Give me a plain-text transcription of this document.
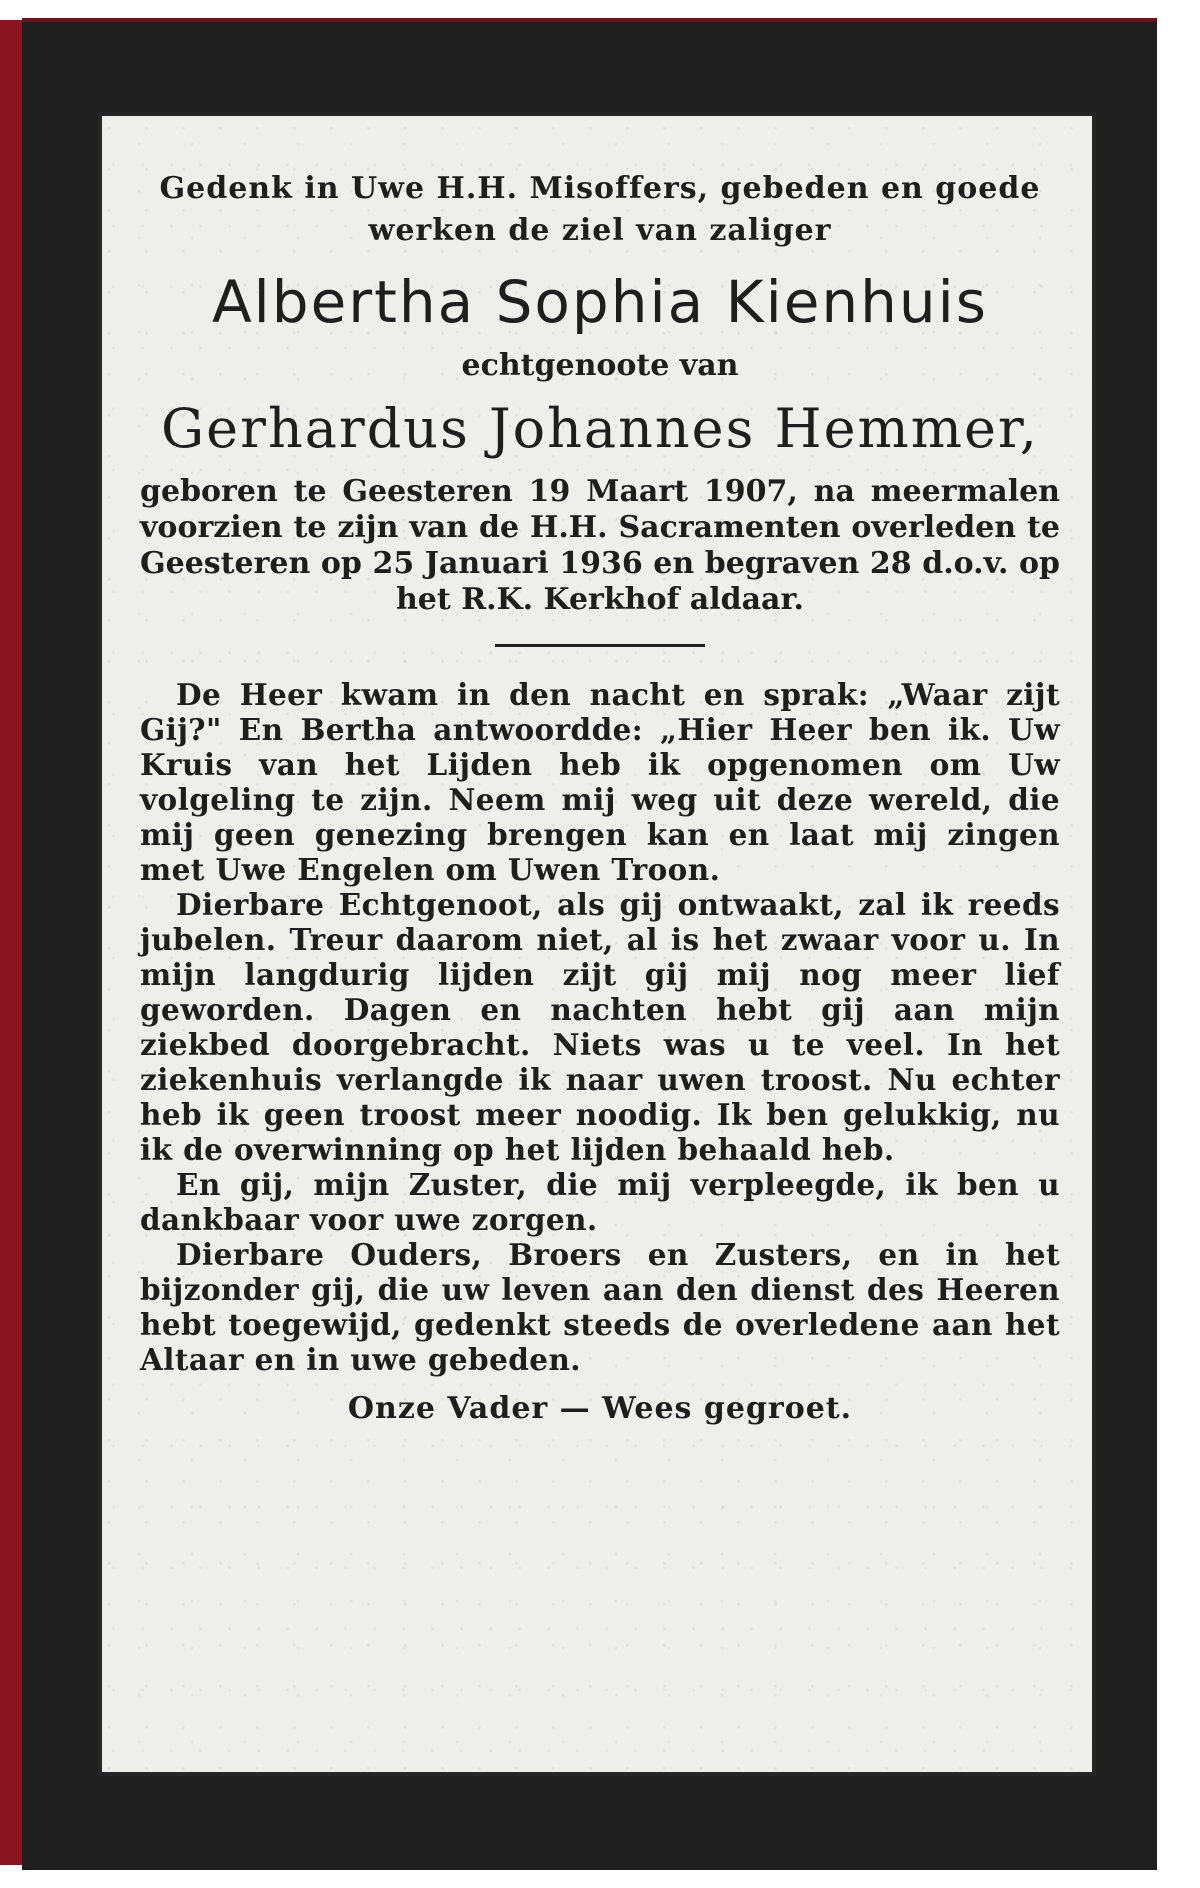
Gedenk in Uwe H.H. Misoffers, gebeden en goede werken de ziel van zaliger

Albertha Sophia Kienhuis

echtgenoote van

Gerhardus Johannes Hemmer,

geboren te Geesteren 19 Maart 1907, na meermalen voorzien te zijn van de H.H. Sacramenten overleden te Geesteren op 25 Januari 1936 en begraven 28 d.o.v. op het R.K. Kerkhof aldaar.

De Heer kwam in den nacht en sprak: „Waar zijt Gij?" En Bertha antwoordde: „Hier Heer ben ik. Uw Kruis van het Lijden heb ik opgenomen om Uw volgeling te zijn. Neem mij weg uit deze wereld, die mij geen genezing brengen kan en laat mij zingen met Uwe Engelen om Uwen Troon.

Dierbare Echtgenoot, als gij ontwaakt, zal ik reeds jubelen. Treur daarom niet, al is het zwaar voor u. In mijn langdurig lijden zijt gij mij nog meer lief geworden. Dagen en nachten hebt gij aan mijn ziekbed doorgebracht. Niets was u te veel. In het ziekenhuis verlangde ik naar uwen troost. Nu echter heb ik geen troost meer noodig. Ik ben gelukkig, nu ik de overwinning op het lijden behaald heb.

En gij, mijn Zuster, die mij verpleegde, ik ben u dankbaar voor uwe zorgen.

Dierbare Ouders, Broers en Zusters, en in het bijzonder gij, die uw leven aan den dienst des Heeren hebt toegewijd, gedenkt steeds de overledene aan het Altaar en in uwe gebeden.

Onze Vader — Wees gegroet.
